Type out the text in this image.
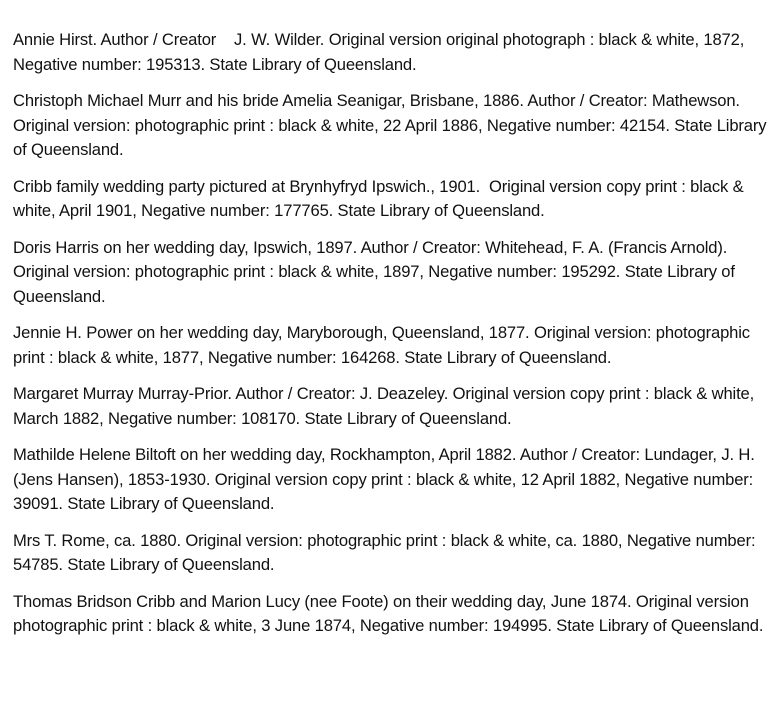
Annie Hirst. Author / Creator    J. W. Wilder. Original version original photograph : black & white, 1872, Negative number: 195313. State Library of Queensland.

Christoph Michael Murr and his bride Amelia Seanigar, Brisbane, 1886. Author / Creator: Mathewson. Original version: photographic print : black & white, 22 April 1886, Negative number: 42154. State Library of Queensland.

Cribb family wedding party pictured at Brynhyfryd Ipswich., 1901.  Original version copy print : black & white, April 1901, Negative number: 177765. State Library of Queensland.

Doris Harris on her wedding day, Ipswich, 1897. Author / Creator: Whitehead, F. A. (Francis Arnold). Original version: photographic print : black & white, 1897, Negative number: 195292. State Library of Queensland.

Jennie H. Power on her wedding day, Maryborough, Queensland, 1877. Original version: photographic print : black & white, 1877, Negative number: 164268. State Library of Queensland.

Margaret Murray Murray-Prior. Author / Creator: J. Deazeley. Original version copy print : black & white, March 1882, Negative number: 108170. State Library of Queensland.

Mathilde Helene Biltoft on her wedding day, Rockhampton, April 1882. Author / Creator: Lundager, J. H. (Jens Hansen), 1853-1930. Original version copy print : black & white, 12 April 1882, Negative number: 39091. State Library of Queensland.

Mrs T. Rome, ca. 1880. Original version: photographic print : black & white, ca. 1880, Negative number: 54785. State Library of Queensland.

Thomas Bridson Cribb and Marion Lucy (nee Foote) on their wedding day, June 1874. Original version photographic print : black & white, 3 June 1874, Negative number: 194995. State Library of Queensland.
